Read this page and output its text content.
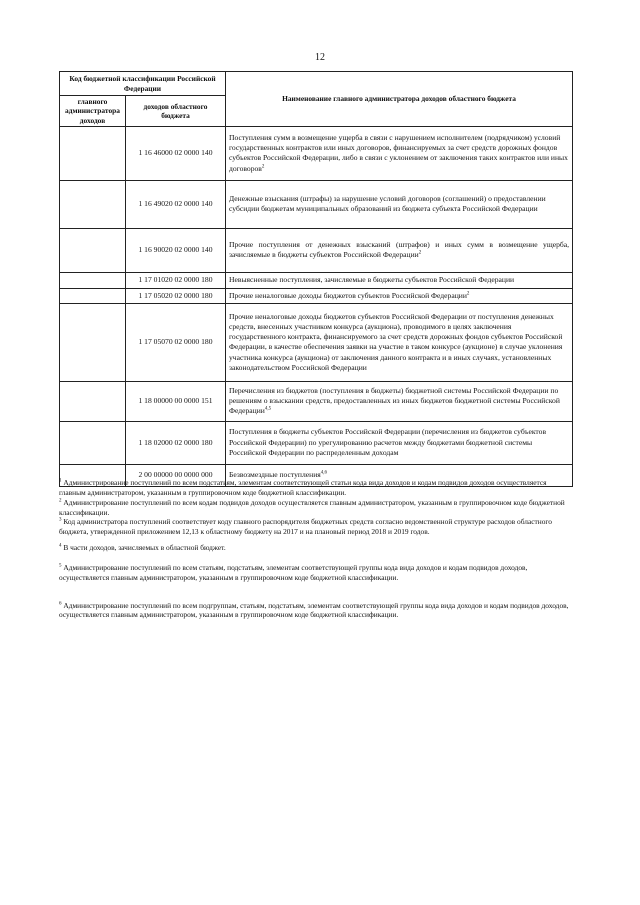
12
Код бюджетной классификации Российской Федерации		Наименование главного администратора доходов областного бюджета
главного администратора доходов	доходов областного бюджета	
	1 16 46000 02 0000 140	Поступления сумм в возмещение ущерба в связи с нарушением исполнителем (подрядчиком) условий государственных контрактов или иных договоров, финансируемых за счет средств дорожных фондов субъектов Российской Федерации, либо в связи с уклонением от заключения таких контрактов или иных договоров$^2$
	1 16 49020 02 0000 140	Денежные взыскания (штрафы) за нарушение условий договоров (соглашений) о предоставлении субсидии бюджетам муниципальных образований из бюджета субъекта Российской Федерации
	1 16 90020 02 0000 140	Прочие поступления от денежных взысканий (штрафов) и иных сумм в возмещение ущерба, зачисляемые в бюджеты субъектов Российской Федерации$^2$
	1 17 01020 02 0000 180	Невыясненные поступления, зачисляемые в бюджеты субъектов Российской Федерации
	1 17 05020 02 0000 180	Прочие неналоговые доходы бюджетов субъектов Российской Федерации$^2$
	1 17 05070 02 0000 180	Прочие неналоговые доходы бюджетов субъектов Российской Федерации от поступления денежных средств, внесенных участником конкурса (аукциона), проводимого в целях заключения государственного контракта, финансируемого за счет средств дорожных фондов субъектов Российской Федерации, в качестве обеспечения заявки на участие в таком конкурсе (аукционе) в случае уклонения участника конкурса (аукциона) от заключения данного контракта и в иных случаях, установленных законодательством Российской Федерации
	1 18 00000 00 0000 151	Перечисления из бюджетов (поступления в бюджеты) бюджетной системы Российской Федерации по решениям о взыскании средств, предоставленных из иных бюджетов бюджетной системы Российской Федерации$^{4,5}$
	1 18 02000 02 0000 180	Поступления в бюджеты субъектов Российской Федерации (перечисления из бюджетов субъектов Российской Федерации) по урегулированию расчетов между бюджетами бюджетной системы Российской Федерации по распределенным доходам
	2 00 00000 00 0000 000	Безвозмездные поступления$^{4,6}$

$^1$ Администрирование поступлений по всем подстатьям, элементам соответствующей статьи кода вида доходов и кодам подвидов доходов осуществляется главным администратором, указанным в группировочном коде бюджетной классификации.

$^2$ Администрирование поступлений по всем кодам подвидов доходов осуществляется главным администратором, указанным в группировочном коде бюджетной классификации.

$^3$ Код администратора поступлений соответствует коду главного распорядителя бюджетных средств согласно ведомственной структуре расходов областного бюджета, утвержденной приложением 12,13 к областному бюджету на 2017 и на плановый период 2018 и 2019 годов.

$^4$ В части доходов, зачисляемых в областной бюджет.

$^5$ Администрирование поступлений по всем статьям, подстатьям, элементам соответствующей группы кода вида доходов и кодам подвидов доходов, осуществляется главным администратором, указанным в группировочном коде бюджетной классификации.

$^6$ Администрирование поступлений по всем подгруппам, статьям, подстатьям, элементам соответствующей группы кода вида доходов и кодам подвидов доходов, осуществляется главным администратором, указанным в группировочном коде бюджетной классификации.
